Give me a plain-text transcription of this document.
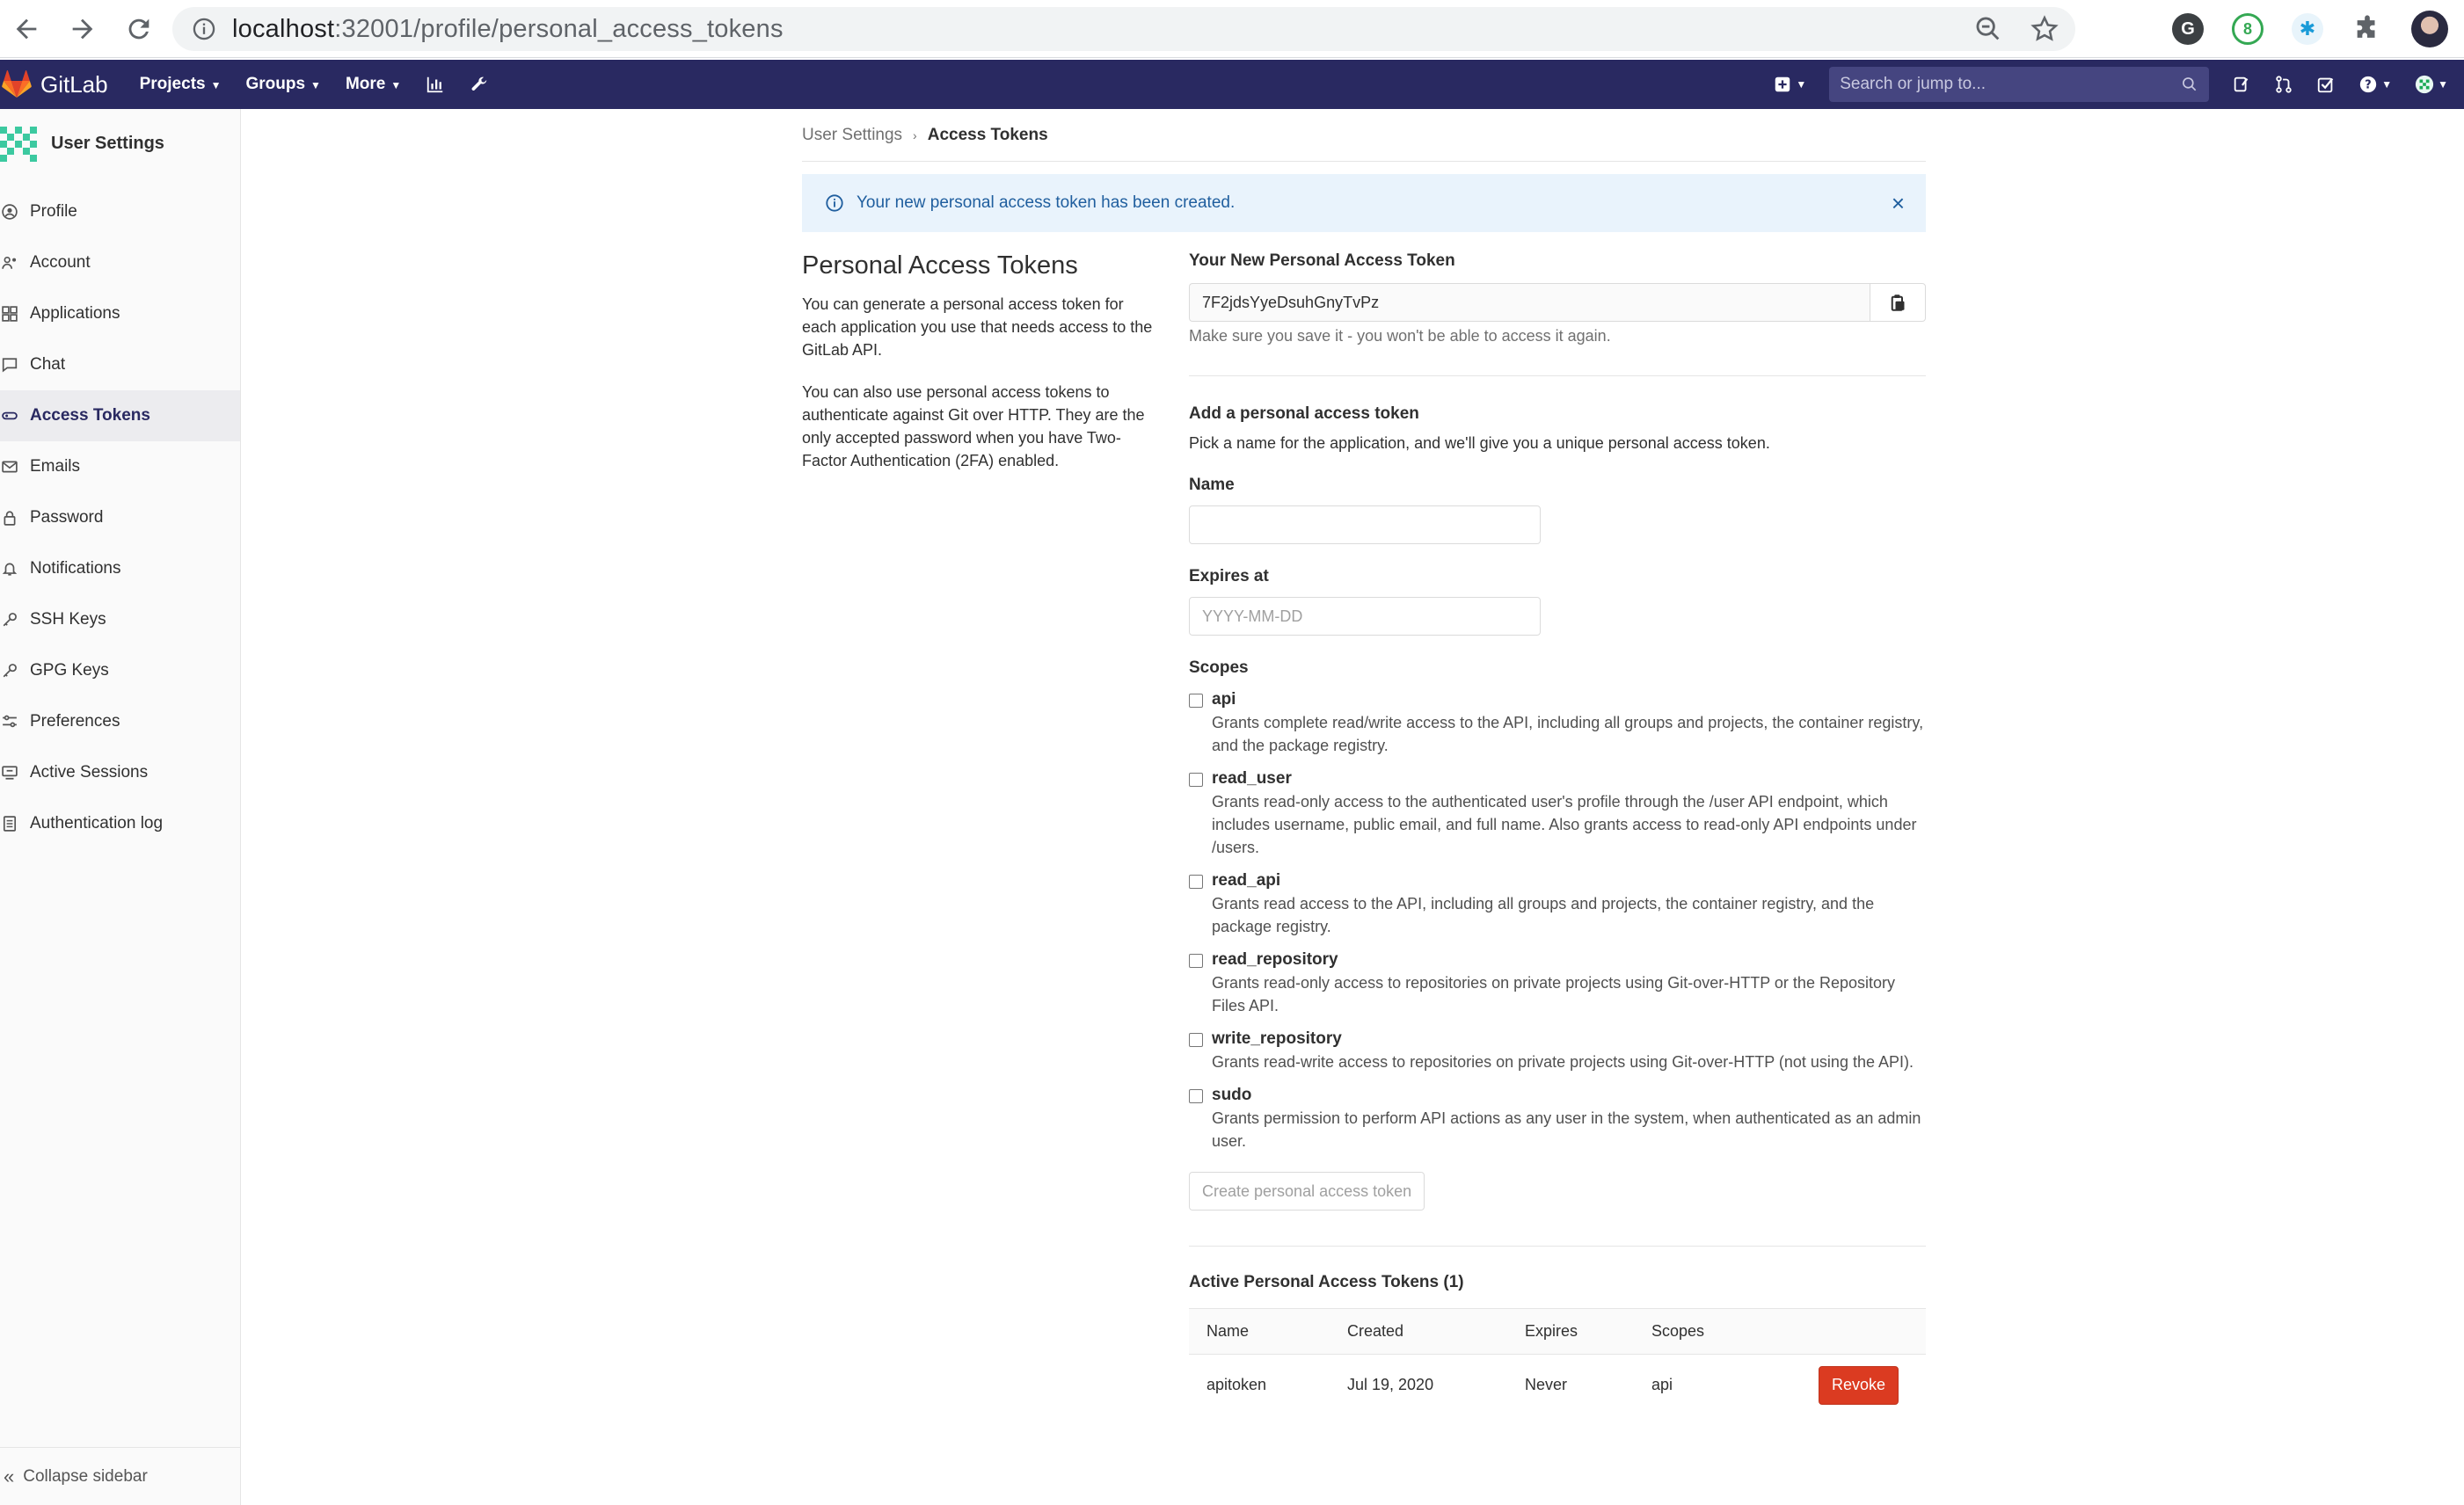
localhost:32001/profile/personal_access_tokens	G	8	✱
GitLab Projects ▼ Groups ▼ More ▼	▼ Search or jump to...	? ▼	▼
User Settings
Profile
Account
Applications
Chat
Access Tokens
Emails
Password
Notifications
SSH Keys
GPG Keys
Preferences
Active Sessions
Authentication log
« Collapse sidebar
User Settings › Access Tokens
Your new personal access token has been created.	×
Personal Access Tokens

You can generate a personal access token for each application you use that needs access to the GitLab API.

You can also use personal access tokens to authenticate against Git over HTTP. They are the only accepted password when you have Two-Factor Authentication (2FA) enabled.

Your New Personal Access Token
7F2jdsYyeDsuhGnyTvPz
Make sure you save it - you won't be able to access it again.
Add a personal access token
Pick a name for the application, and we'll give you a unique personal access token.
Name
Expires at
YYYY-MM-DD
Scopes
api
Grants complete read/write access to the API, including all groups and projects, the container registry, and the package registry.
read_user
Grants read-only access to the authenticated user's profile through the /user API endpoint, which includes username, public email, and full name. Also grants access to read-only API endpoints under /users.
read_api
Grants read access to the API, including all groups and projects, the container registry, and the package registry.
read_repository
Grants read-only access to repositories on private projects using Git-over-HTTP or the Repository Files API.
write_repository
Grants read-write access to repositories on private projects using Git-over-HTTP (not using the API).
sudo
Grants permission to perform API actions as any user in the system, when authenticated as an admin user.
Create personal access token
Active Personal Access Tokens (1)
Name	Created	Expires	Scopes	
apitoken	Jul 19, 2020	Never	api	Revoke
